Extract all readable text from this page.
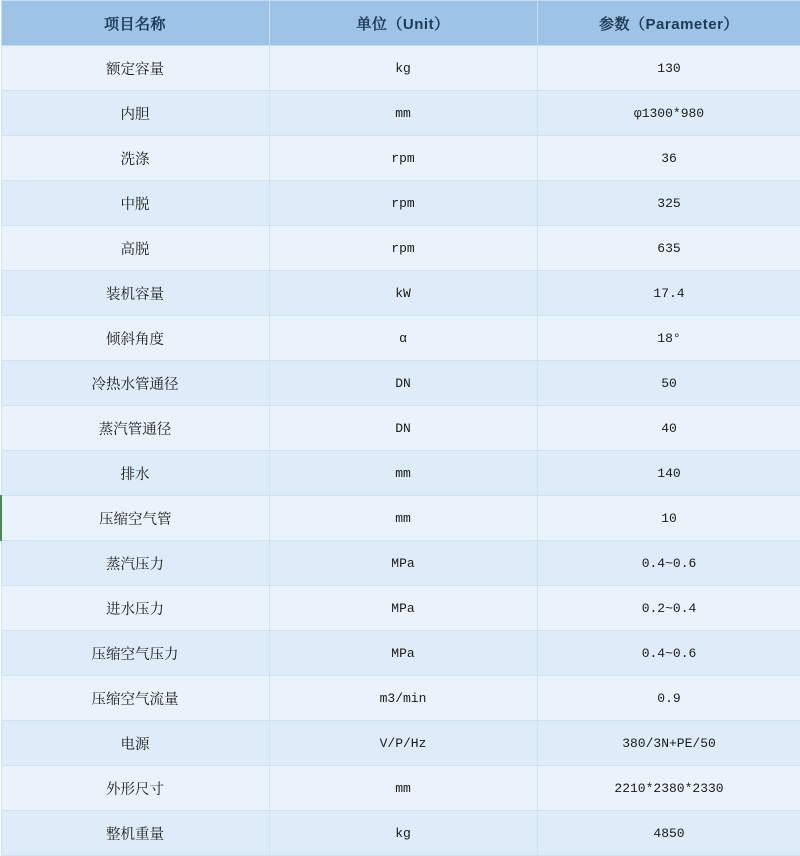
项目名称	单位（Unit）	参数（Parameter）
额定容量	kg	130
内胆	mm	φ1300*980
洗涤	rpm	36
中脱	rpm	325
高脱	rpm	635
装机容量	kW	17.4
倾斜角度	α	18°
冷热水管通径	DN	50
蒸汽管通径	DN	40
排水	mm	140
压缩空气管	mm	10
蒸汽压力	MPa	0.4~0.6
进水压力	MPa	0.2~0.4
压缩空气压力	MPa	0.4~0.6
压缩空气流量	m3/min	0.9
电源	V/P/Hz	380/3N+PE/50
外形尺寸	mm	2210*2380*2330
整机重量	kg	4850
